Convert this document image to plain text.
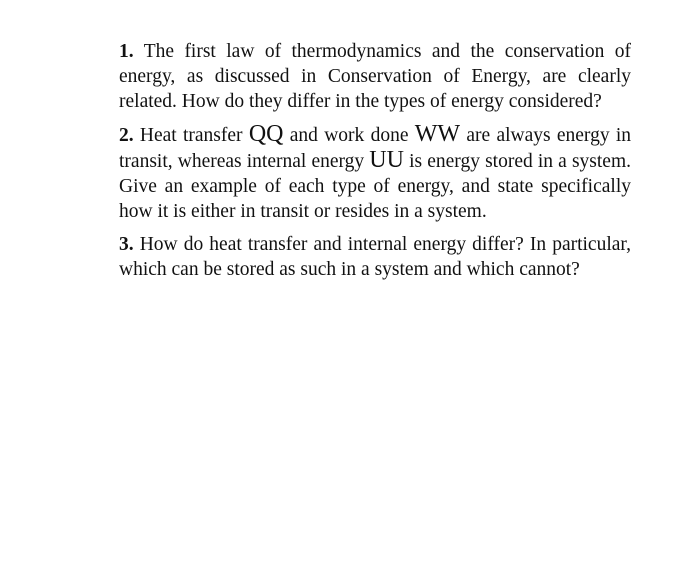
1. The first law of thermodynamics and the conservation of energy, as discussed in Conservation of Energy, are clearly related. How do they differ in the types of energy considered?

2. Heat transfer QQ and work done WW are always energy in transit, whereas internal energy UU is energy stored in a system. Give an example of each type of energy, and state specifically how it is either in transit or resides in a system.

3. How do heat transfer and internal energy differ? In particular, which can be stored as such in a system and which cannot?
